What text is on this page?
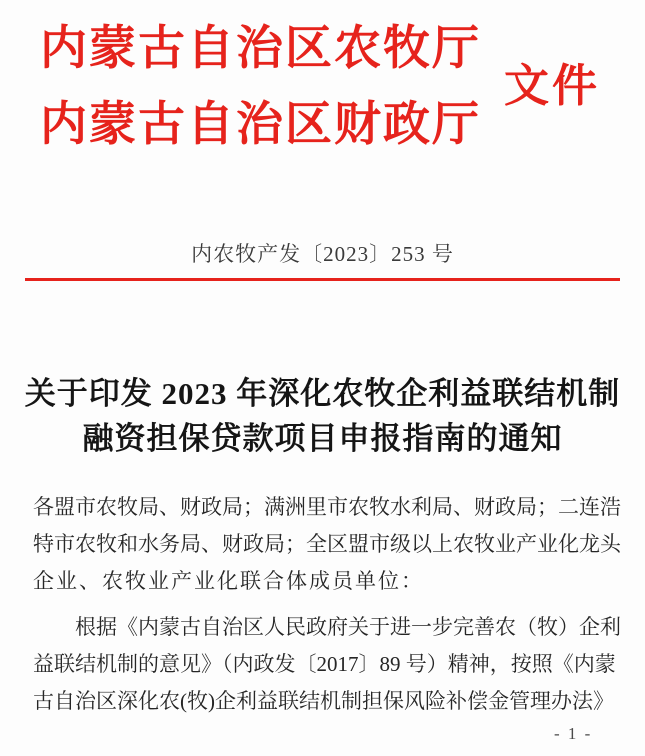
内蒙古自治区农牧厅
内蒙古自治区财政厅
文件
内农牧产发〔2023〕253 号
关于印发 2023 年深化农牧企利益联结机制
融资担保贷款项目申报指南的通知
各盟市农牧局、财政局；满洲里市农牧水利局、财政局；二连浩
特市农牧和水务局、财政局；全区盟市级以上农牧业产业化龙头
企业、农牧业产业化联合体成员单位：
根据《内蒙古自治区人民政府关于进一步完善农（牧）企利
益联结机制的意见》（内政发〔2017〕89 号）精神，按照《内蒙
古自治区深化农(牧)企利益联结机制担保风险补偿金管理办法》
- 1 -
